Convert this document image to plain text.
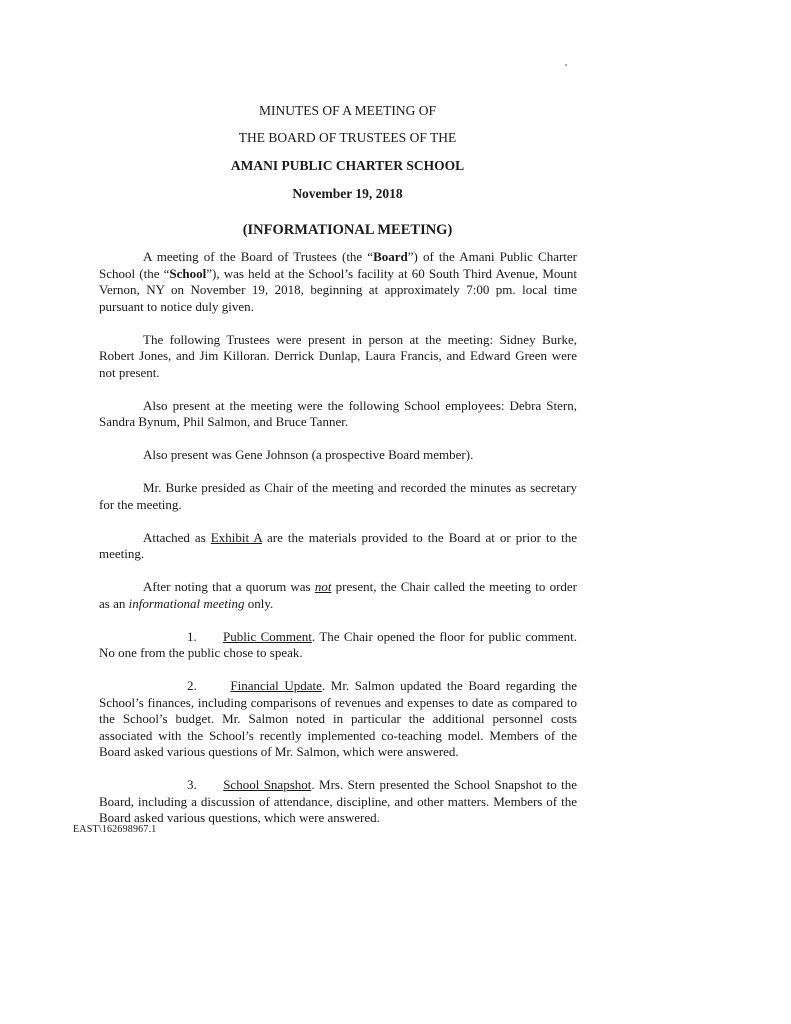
MINUTES OF A MEETING OF
THE BOARD OF TRUSTEES OF THE
AMANI PUBLIC CHARTER SCHOOL
November 19, 2018
(INFORMATIONAL MEETING)

A meeting of the Board of Trustees (the “Board”) of the Amani Public Charter School (the “School”), was held at the School’s facility at 60 South Third Avenue, Mount Vernon, NY on November 19, 2018, beginning at approximately 7:00 pm. local time pursuant to notice duly given.

The following Trustees were present in person at the meeting: Sidney Burke, Robert Jones, and Jim Killoran. Derrick Dunlap, Laura Francis, and Edward Green were not present.

Also present at the meeting were the following School employees: Debra Stern, Sandra Bynum, Phil Salmon, and Bruce Tanner.

Also present was Gene Johnson (a prospective Board member).

Mr. Burke presided as Chair of the meeting and recorded the minutes as secretary for the meeting.

Attached as Exhibit A are the materials provided to the Board at or prior to the meeting.

After noting that a quorum was not present, the Chair called the meeting to order as an informational meeting only.

1. Public Comment. The Chair opened the floor for public comment. No one from the public chose to speak.

2.	Financial Update. Mr. Salmon updated the Board regarding the School’s finances, including comparisons of revenues and expenses to date as compared to the School’s budget. Mr. Salmon noted in particular the additional personnel costs associated with the School’s recently implemented co-teaching model. Members of the Board asked various questions of Mr. Salmon, which were answered.

3. School Snapshot. Mrs. Stern presented the School Snapshot to the Board, including a discussion of attendance, discipline, and other matters. Members of the Board asked various questions, which were answered.

EAST\162698967.1
